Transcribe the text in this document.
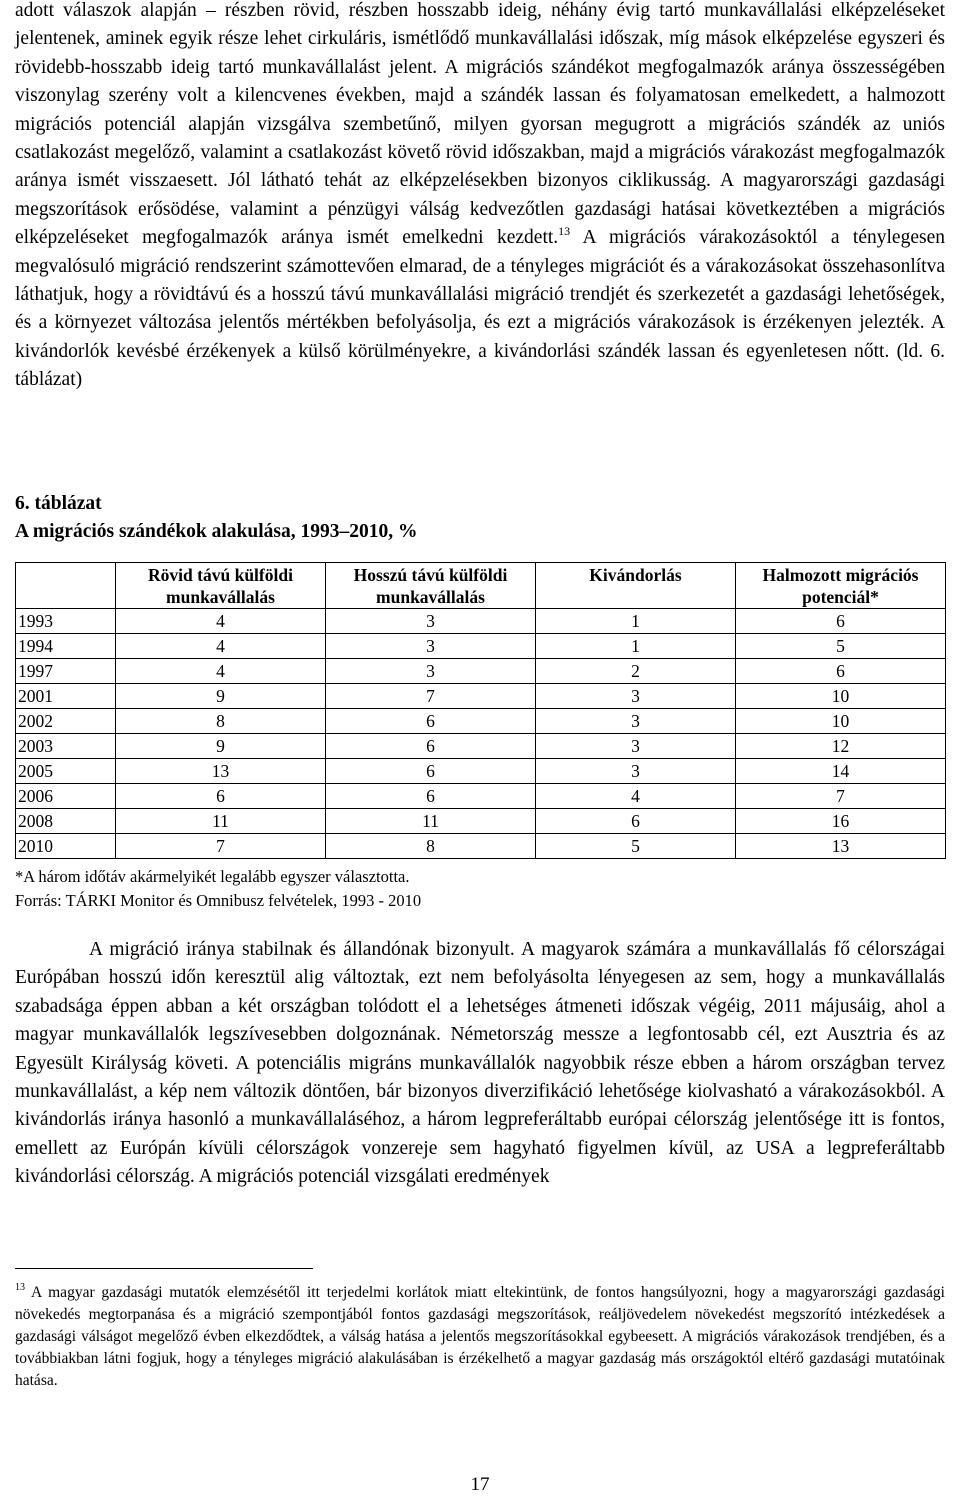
adott válaszok alapján – részben rövid, részben hosszabb ideig, néhány évig tartó munkavállalási elképzeléseket jelentenek, aminek egyik része lehet cirkuláris, ismétlődő munkavállalási időszak, míg mások elképzelése egyszeri és rövidebb-hosszabb ideig tartó munkavállalást jelent. A migrációs szándékot megfogalmazók aránya összességében viszonylag szerény volt a kilencvenes években, majd a szándék lassan és folyamatosan emelkedett, a halmozott migrációs potenciál alapján vizsgálva szembetűnő, milyen gyorsan megugrott a migrációs szándék az uniós csatlakozást megelőző, valamint a csatlakozást követő rövid időszakban, majd a migrációs várakozást megfogalmazók aránya ismét visszaesett. Jól látható tehát az elképzelésekben bizonyos ciklikusság. A magyarországi gazdasági megszorítások erősödése, valamint a pénzügyi válság kedvezőtlen gazdasági hatásai következtében a migrációs elképzeléseket megfogalmazók aránya ismét emelkedni kezdett.$^{13}$ A migrációs várakozásoktól a ténylegesen megvalósuló migráció rendszerint számottevően elmarad, de a tényleges migrációt és a várakozásokat összehasonlítva láthatjuk, hogy a rövidtávú és a hosszú távú munkavállalási migráció trendjét és szerkezetét a gazdasági lehetőségek, és a környezet változása jelentős mértékben befolyásolja, és ezt a migrációs várakozások is érzékenyen jelezték. A kivándorlók kevésbé érzékenyek a külső körülményekre, a kivándorlási szándék lassan és egyenletesen nőtt. (ld. 6. táblázat)

6. táblázat
A migrációs szándékok alakulása, 1993–2010, %
	Rövid távú külföldi munkavállalás	Hosszú távú külföldi munkavállalás	Kivándorlás	Halmozott migrációs potenciál*
1993	4	3	1	6
1994	4	3	1	5
1997	4	3	2	6
2001	9	7	3	10
2002	8	6	3	10
2003	9	6	3	12
2005	13	6	3	14
2006	6	6	4	7
2008	11	11	6	16
2010	7	8	5	13
*A három időtáv akármelyikét legalább egyszer választotta.
Forrás: TÁRKI Monitor és Omnibusz felvételek, 1993 - 2010

A migráció iránya stabilnak és állandónak bizonyult. A magyarok számára a munkavállalás fő célországai Európában hosszú időn keresztül alig változtak, ezt nem befolyásolta lényegesen az sem, hogy a munkavállalás szabadsága éppen abban a két országban tolódott el a lehetséges átmeneti időszak végéig, 2011 májusáig, ahol a magyar munkavállalók legszívesebben dolgoznának. Németország messze a legfontosabb cél, ezt Ausztria és az Egyesült Királyság követi. A potenciális migráns munkavállalók nagyobbik része ebben a három országban tervez munkavállalást, a kép nem változik döntően, bár bizonyos diverzifikáció lehetősége kiolvasható a várakozásokból. A kivándorlás iránya hasonló a munkavállaláséhoz, a három legpreferáltabb európai célország jelentősége itt is fontos, emellett az Európán kívüli célországok vonzereje sem hagyható figyelmen kívül, az USA a legpreferáltabb kivándorlási célország. A migrációs potenciál vizsgálati eredmények

$^{13}$ A magyar gazdasági mutatók elemzésétől itt terjedelmi korlátok miatt eltekintünk, de fontos hangsúlyozni, hogy a magyarországi gazdasági növekedés megtorpanása és a migráció szempontjából fontos gazdasági megszorítások, reáljövedelem növekedést megszorító intézkedések a gazdasági válságot megelőző évben elkezdődtek, a válság hatása a jelentős megszorításokkal egybeesett. A migrációs várakozások trendjében, és a továbbiakban látni fogjuk, hogy a tényleges migráció alakulásában is érzékelhető a magyar gazdaság más országoktól eltérő gazdasági mutatóinak hatása.
17
